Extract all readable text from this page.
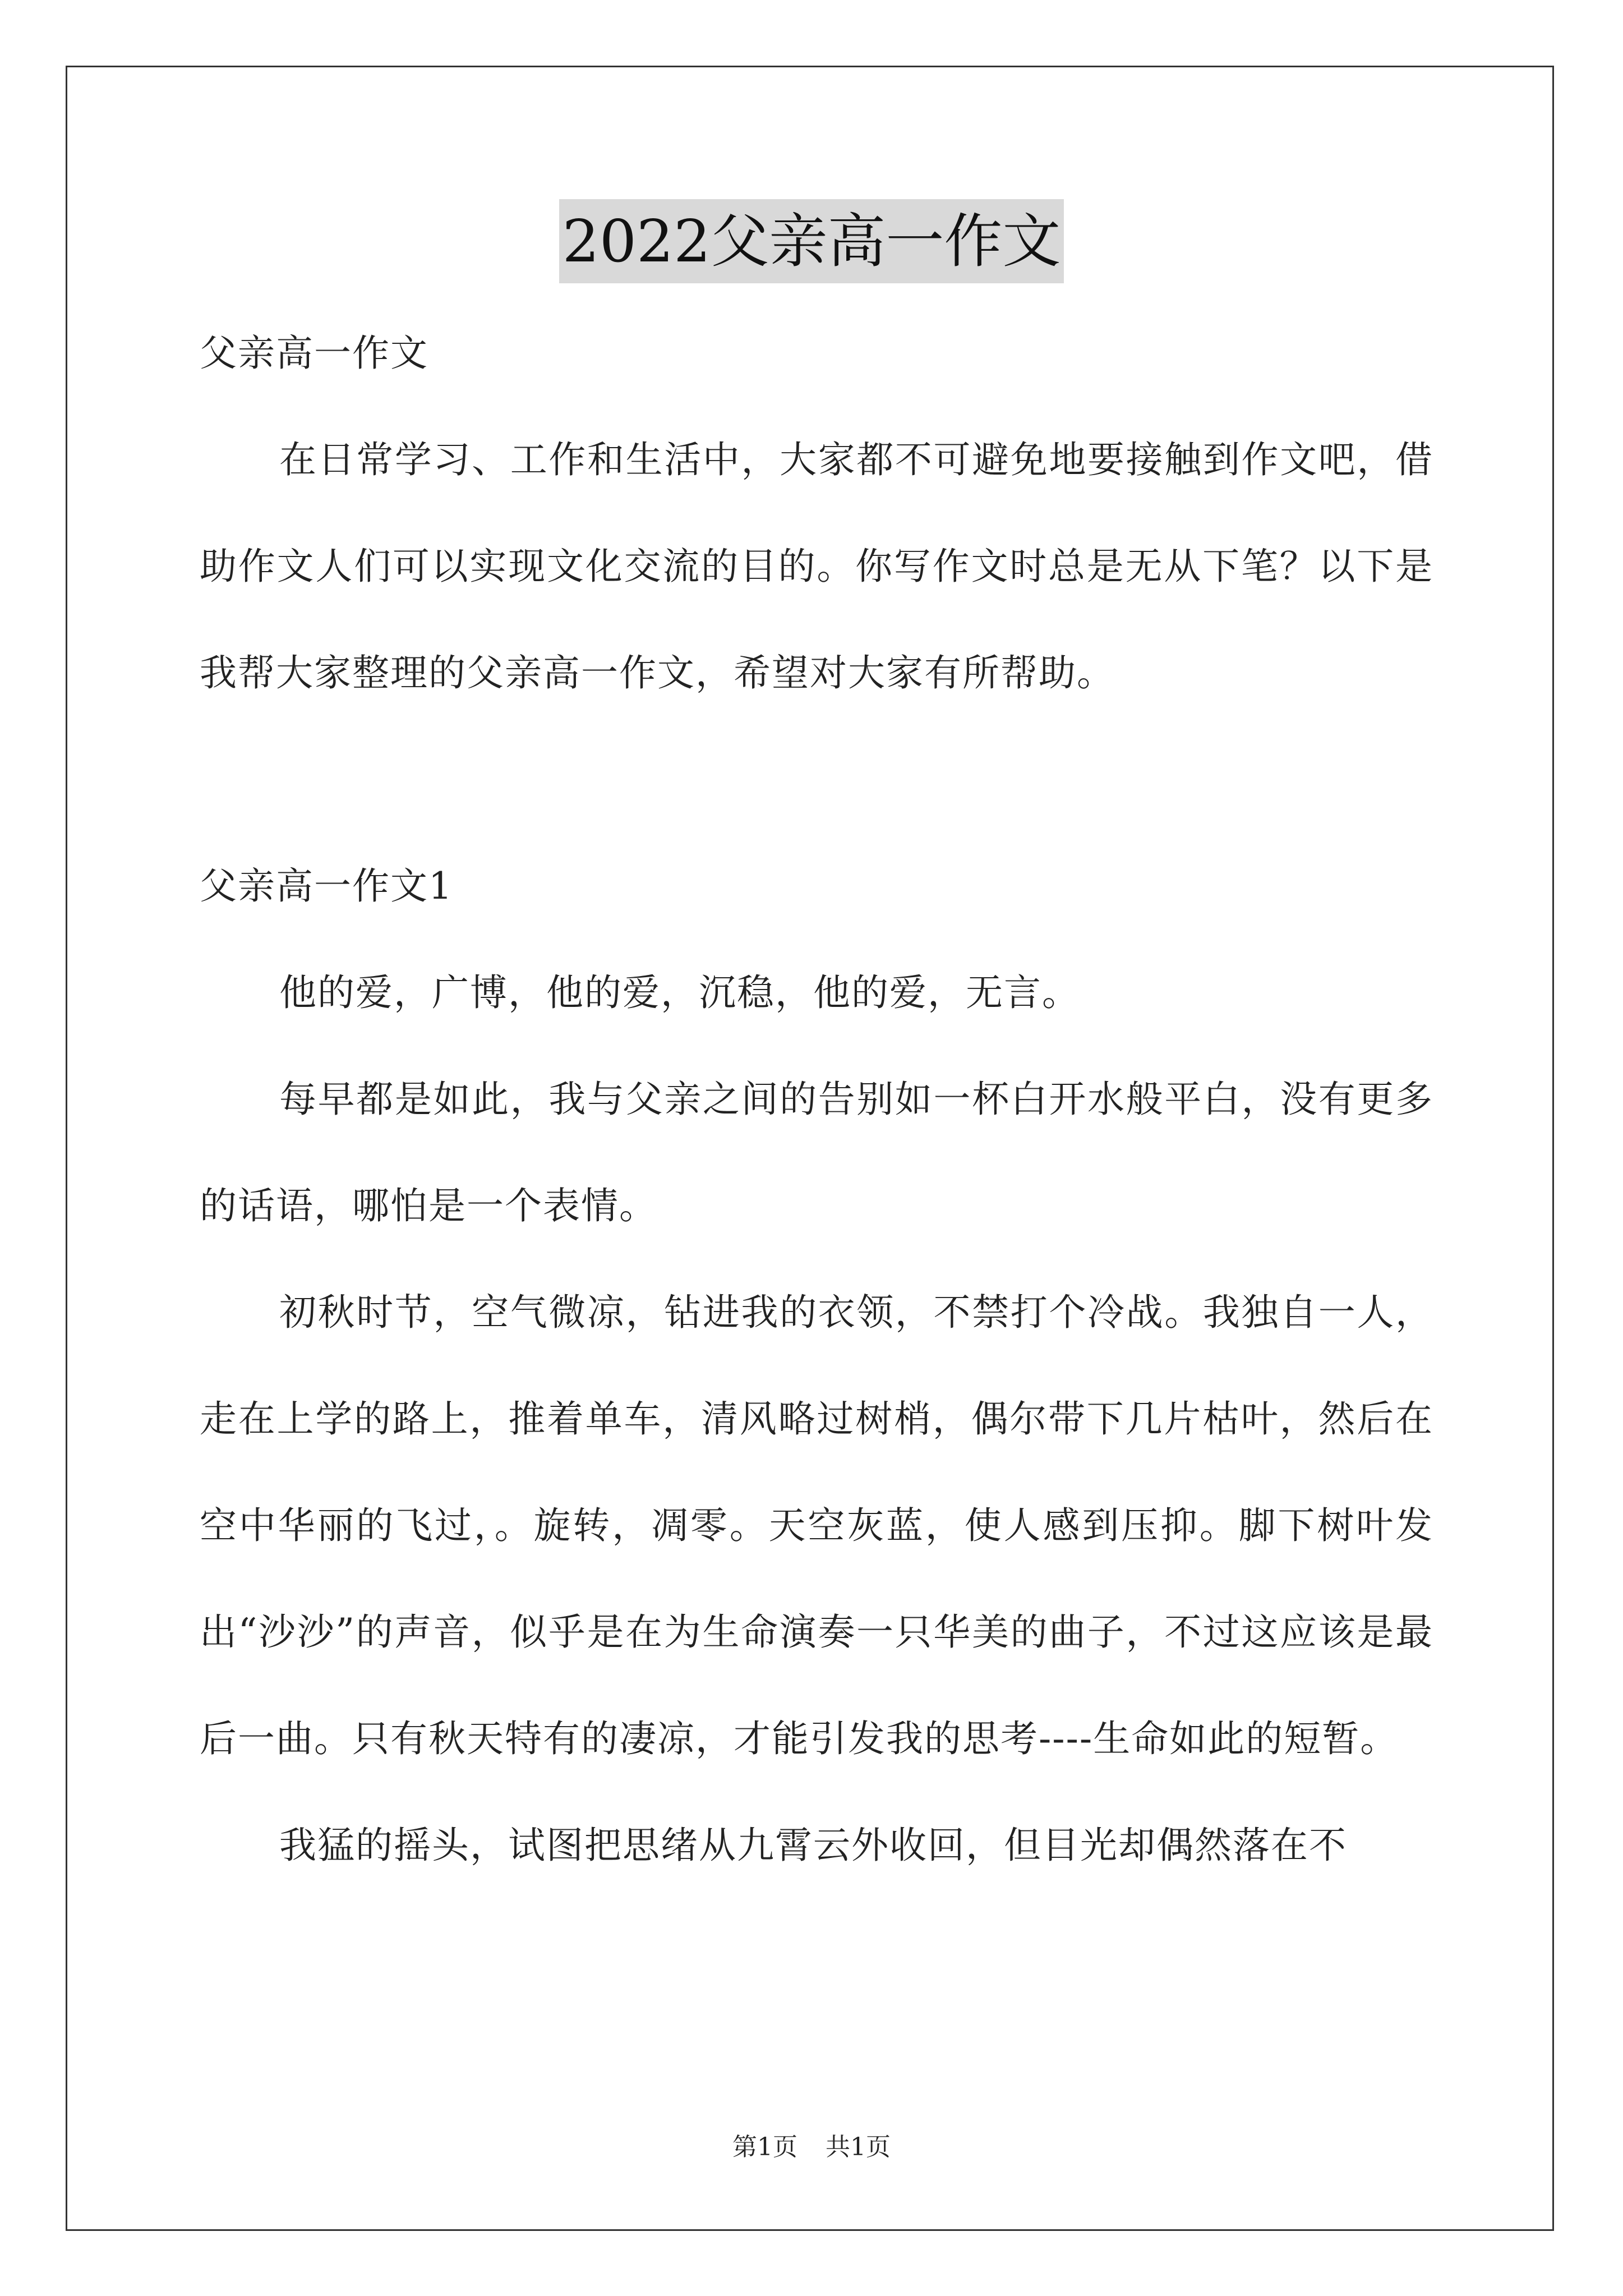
2022父亲高一作文

父亲高一作文

在日常学习、工作和生活中，大家都不可避免地要接触到作文吧，借助作文人们可以实现文化交流的目的。你写作文时总是无从下笔？以下是我帮大家整理的父亲高一作文，希望对大家有所帮助。

父亲高一作文1

他的爱，广博，他的爱，沉稳，他的爱，无言。

每早都是如此，我与父亲之间的告别如一杯白开水般平白，没有更多的话语，哪怕是一个表情。

初秋时节，空气微凉，钻进我的衣领，不禁打个冷战。我独自一人，走在上学的路上，推着单车，清风略过树梢，偶尔带下几片枯叶，然后在空中华丽的飞过，。旋转，凋零。天空灰蓝，使人感到压抑。脚下树叶发出“沙沙”的声音，似乎是在为生命演奏一只华美的曲子，不过这应该是最后一曲。只有秋天特有的凄凉，才能引发我的思考----生命如此的短暂。

我猛的摇头，试图把思绪从九霄云外收回，但目光却偶然落在不

第1页 共1页
